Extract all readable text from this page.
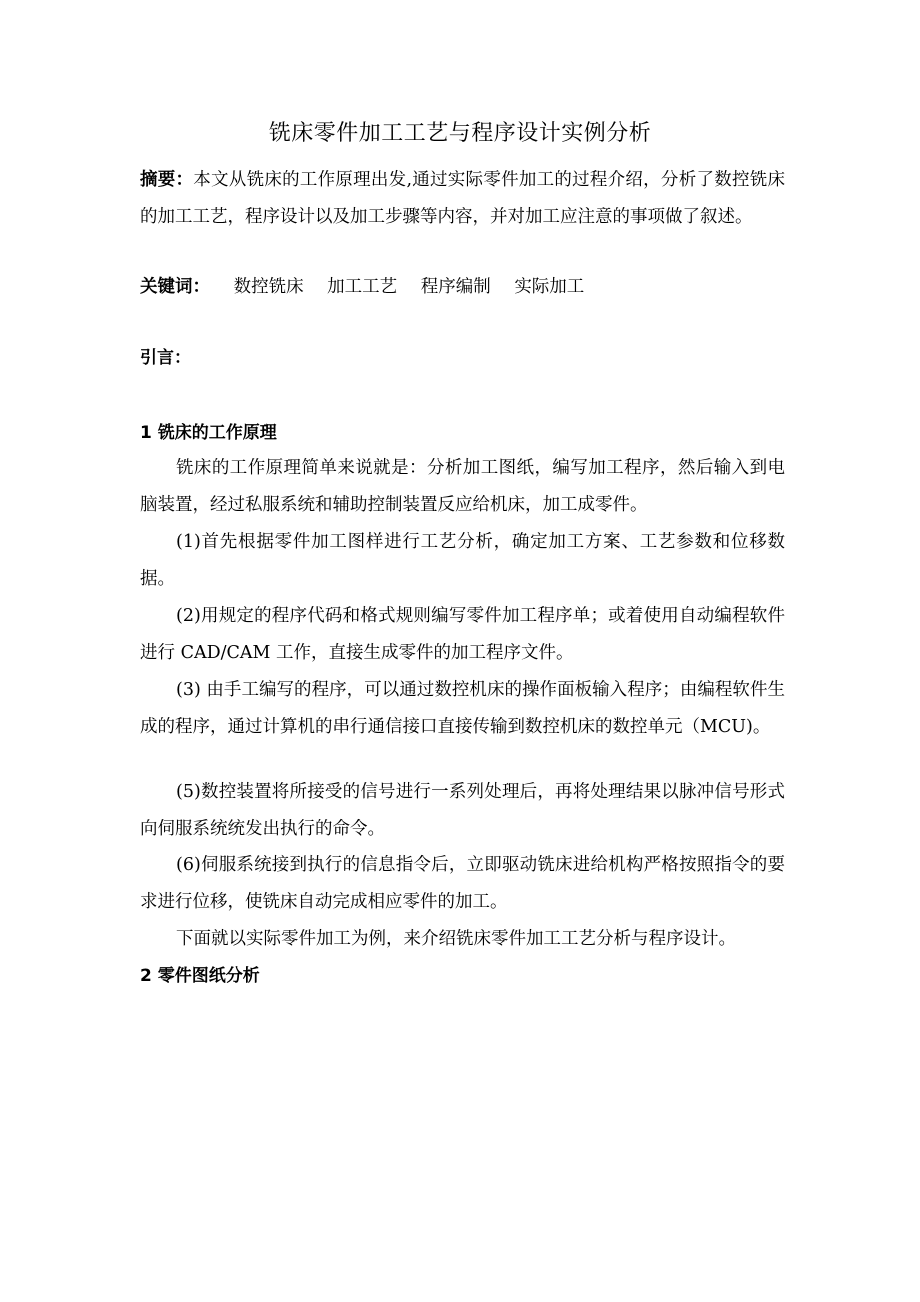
铣床零件加工工艺与程序设计实例分析
摘要：本文从铣床的工作原理出发,通过实际零件加工的过程介绍，分析了数控铣床的加工工艺，程序设计以及加工步骤等内容，并对加工应注意的事项做了叙述。
关键词： 数控铣床 加工工艺 程序编制 实际加工
引言：
1 铣床的工作原理
铣床的工作原理简单来说就是：分析加工图纸，编写加工程序，然后输入到电脑装置，经过私服系统和辅助控制装置反应给机床，加工成零件。
(1)首先根据零件加工图样进行工艺分析，确定加工方案、工艺参数和位移数据。
(2)用规定的程序代码和格式规则编写零件加工程序单；或着使用自动编程软件进行 CAD/CAM 工作，直接生成零件的加工程序文件。
(3) 由手工编写的程序，可以通过数控机床的操作面板输入程序；由编程软件生成的程序，通过计算机的串行通信接口直接传输到数控机床的数控单元（MCU)。
(5)数控装置将所接受的信号进行一系列处理后，再将处理结果以脉冲信号形式向伺服系统统发出执行的命令。
(6)伺服系统接到执行的信息指令后，立即驱动铣床进给机构严格按照指令的要求进行位移，使铣床自动完成相应零件的加工。
下面就以实际零件加工为例，来介绍铣床零件加工工艺分析与程序设计。
2 零件图纸分析
